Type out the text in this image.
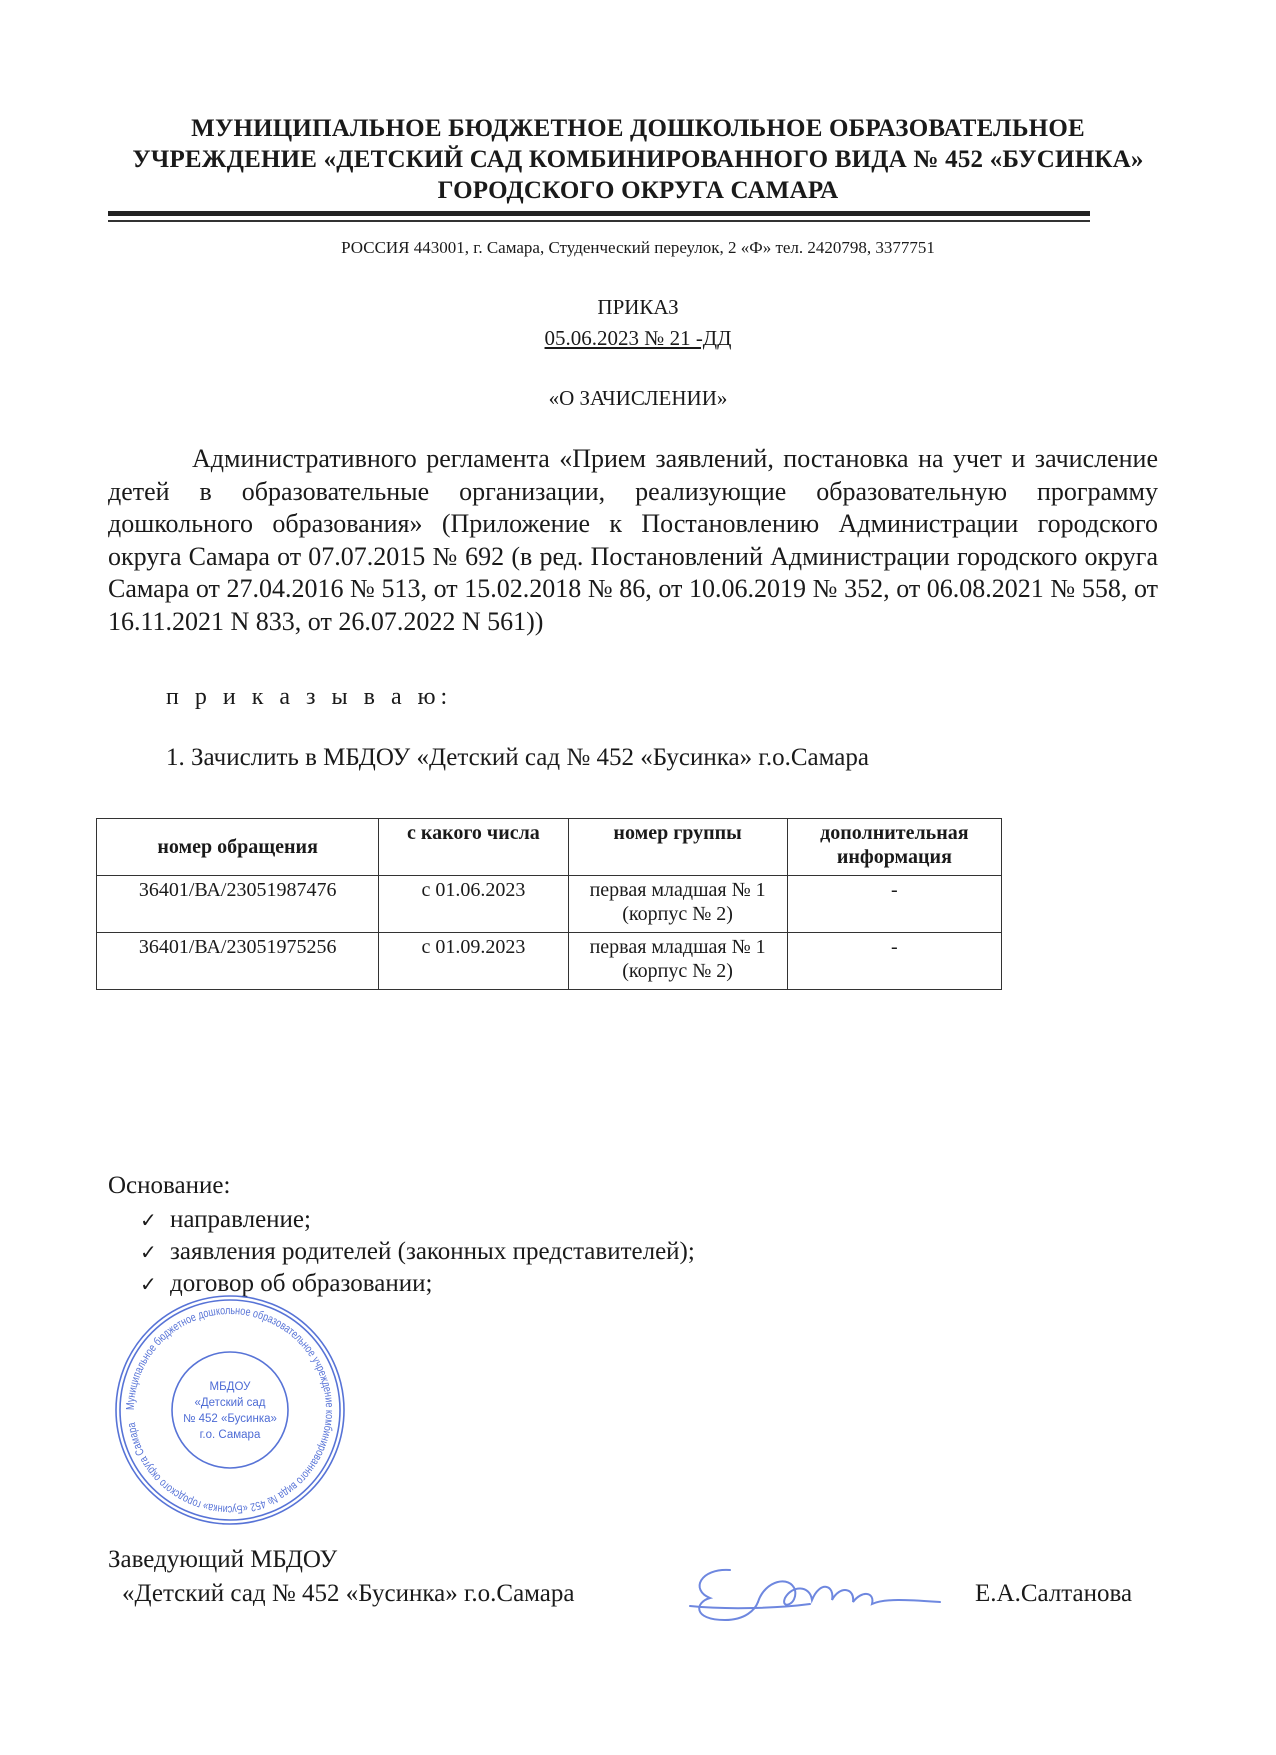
МУНИЦИПАЛЬНОЕ БЮДЖЕТНОЕ ДОШКОЛЬНОЕ ОБРАЗОВАТЕЛЬНОЕ
УЧРЕЖДЕНИЕ «ДЕТСКИЙ САД КОМБИНИРОВАННОГО ВИДА № 452 «БУСИНКА»
ГОРОДСКОГО ОКРУГА САМАРА
РОССИЯ 443001, г. Самара, Студенческий переулок, 2 «Ф» тел. 2420798, 3377751
ПРИКАЗ
05.06.2023 № 21 -ДД
«О ЗАЧИСЛЕНИИ»

Административного регламента «Прием заявлений, постановка на учет и зачисление детей в образовательные организации, реализующие образовательную программу дошкольного образования» (Приложение к Постановлению Администрации городского округа Самара от 07.07.2015 № 692 (в ред. Постановлений Администрации городского округа Самара от 27.04.2016 № 513, от 15.02.2018 № 86, от 10.06.2019 № 352, от 06.08.2021 № 558, от 16.11.2021 N 833, от 26.07.2022 N 561))

п р и к а з ы в а ю:
1. Зачислить в МБДОУ «Детский сад № 452 «Бусинка» г.о.Самара
номер обращения	с какого числа	номер группы	дополнительная информация
36401/ВА/23051987476	с 01.06.2023	первая младшая № 1 (корпус № 2)	-
36401/ВА/23051975256	с 01.09.2023	первая младшая № 1 (корпус № 2)	-
Основание:
✓ направление;
✓ заявления родителей (законных представителей);
✓ договор об образовании;
Муниципальное бюджетное дошкольное образовательное учреждение комбинированного вида № 452 «Бусинка» городского округа Самара
МБДОУ
«Детский сад
№ 452 «Бусинка»
г.о. Самара
Заведующий МБДОУ
«Детский сад № 452 «Бусинка» г.о.Самара	Е.А.Салтанова
